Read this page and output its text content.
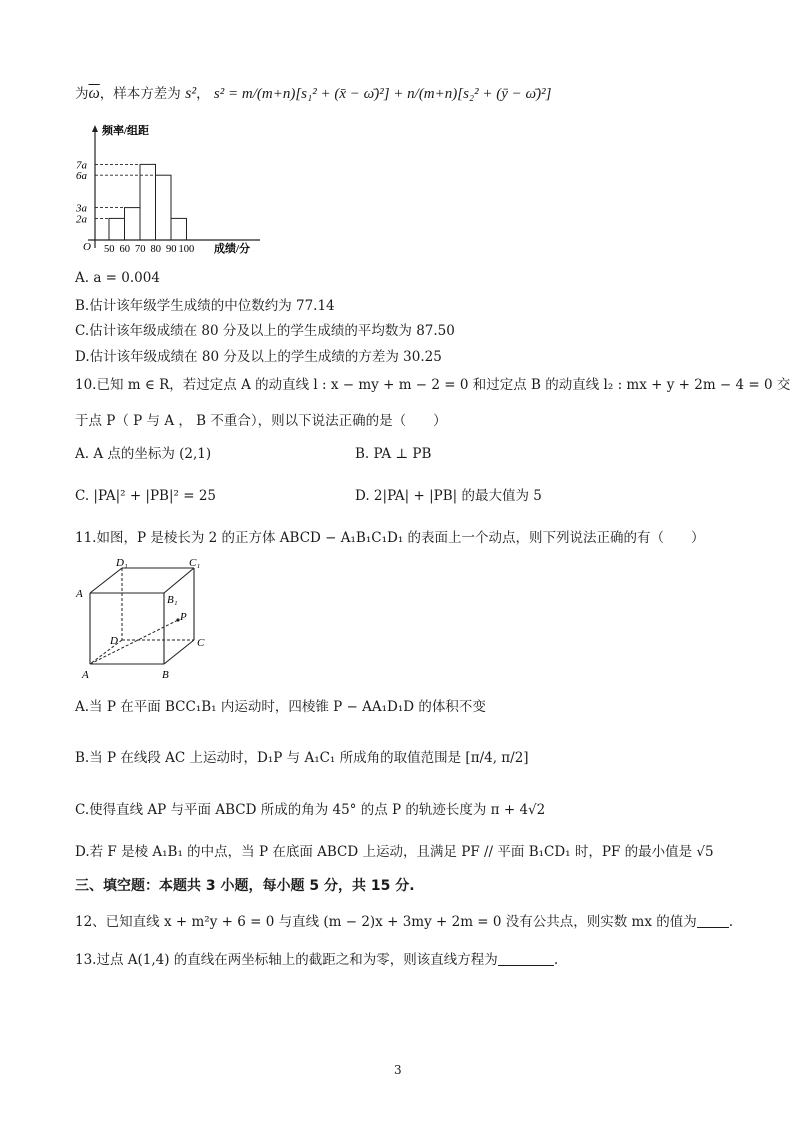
为$\overline{\omega}$，样本方差为 s²， s² = m/(m+n)[s₁² + (x̄ − ω̄)²] + n/(m+n)[s₂² + (ȳ − ω̄)²]
频率/组距
7a
6a
3a
2a
50 60 70 80 90 100
O	成绩/分
A. a = 0.004
B.估计该年级学生成绩的中位数约为 77.14
C.估计该年级成绩在 80 分及以上的学生成绩的平均数为 87.50
D.估计该年级成绩在 80 分及以上的学生成绩的方差为 30.25
10.已知 m ∈ R，若过定点 A 的动直线 l : x − my + m − 2 = 0 和过定点 B 的动直线 l₂ : mx + y + 2m − 4 = 0 交
于点 P（ P 与 A ， B 不重合），则以下说法正确的是（　　）
A. A 点的坐标为 (2,1)	B. PA ⊥ PB
C. |PA|² + |PB|² = 25	D. 2|PA| + |PB| 的最大值为 5
11.如图，P 是棱长为 2 的正方体 ABCD − A₁B₁C₁D₁ 的表面上一个动点，则下列说法正确的有（　　）
D₁	C₁
A	B₁
P
D	C
A	B
A.当 P 在平面 BCC₁B₁ 内运动时，四棱锥 P − AA₁D₁D 的体积不变
B.当 P 在线段 AC 上运动时，D₁P 与 A₁C₁ 所成角的取值范围是 [π/4, π/2]
C.使得直线 AP 与平面 ABCD 所成的角为 45° 的点 P 的轨迹长度为 π + 4√2
D.若 F 是棱 A₁B₁ 的中点，当 P 在底面 ABCD 上运动，且满足 PF // 平面 B₁CD₁ 时，PF 的最小值是 √5
三、填空题：本题共 3 小题，每小题 5 分，共 15 分.
12、已知直线 x + m²y + 6 = 0 与直线 (m − 2)x + 3my + 2m = 0 没有公共点，则实数 mx 的值为 .
13.过点 A(1,4) 的直线在两坐标轴上的截距之和为零，则该直线方程为	.
3
